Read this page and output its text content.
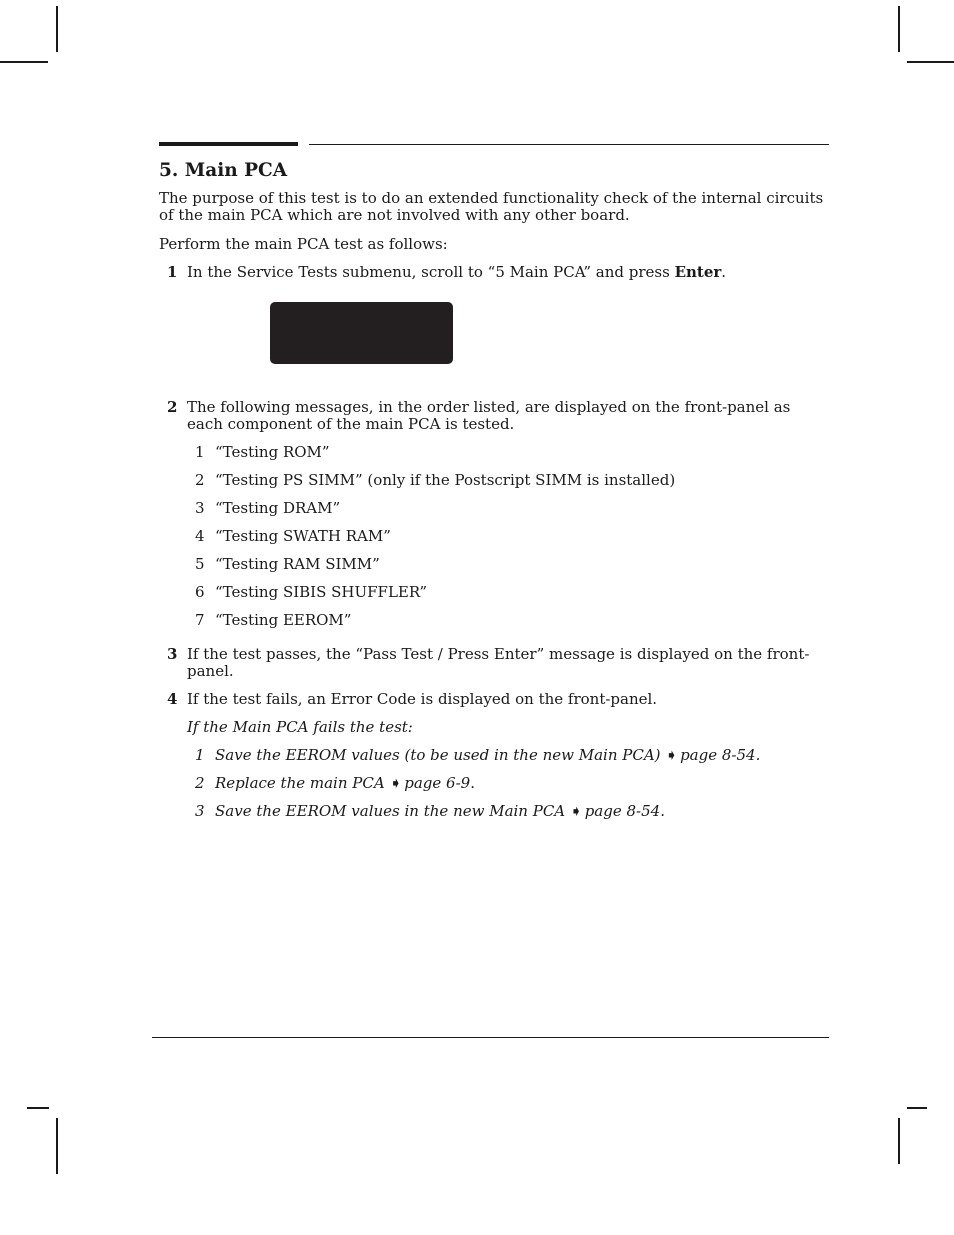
5. Main PCA

The purpose of this test is to do an extended functionality check of the internal circuits of the main PCA which are not involved with any other board.

Perform the main PCA test as follows:

1 In the Service Tests submenu, scroll to “5 Main PCA” and press Enter.
2 The following messages, in the order listed, are displayed on the front-panel as each component of the main PCA is tested.
1 “Testing ROM”
2 “Testing PS SIMM” (only if the Postscript SIMM is installed)
3 “Testing DRAM”
4 “Testing SWATH RAM”
5 “Testing RAM SIMM”
6 “Testing SIBIS SHUFFLER”
7 “Testing EEROM”
3 If the test passes, the “Pass Test / Press Enter” message is displayed on the front-panel.
4 If the test fails, an Error Code is displayed on the front-panel.
If the Main PCA fails the test:
1 Save the EEROM values (to be used in the new Main PCA) ➧ page 8-54.
2 Replace the main PCA ➧ page 6-9.
3 Save the EEROM values in the new Main PCA ➧ page 8-54.
